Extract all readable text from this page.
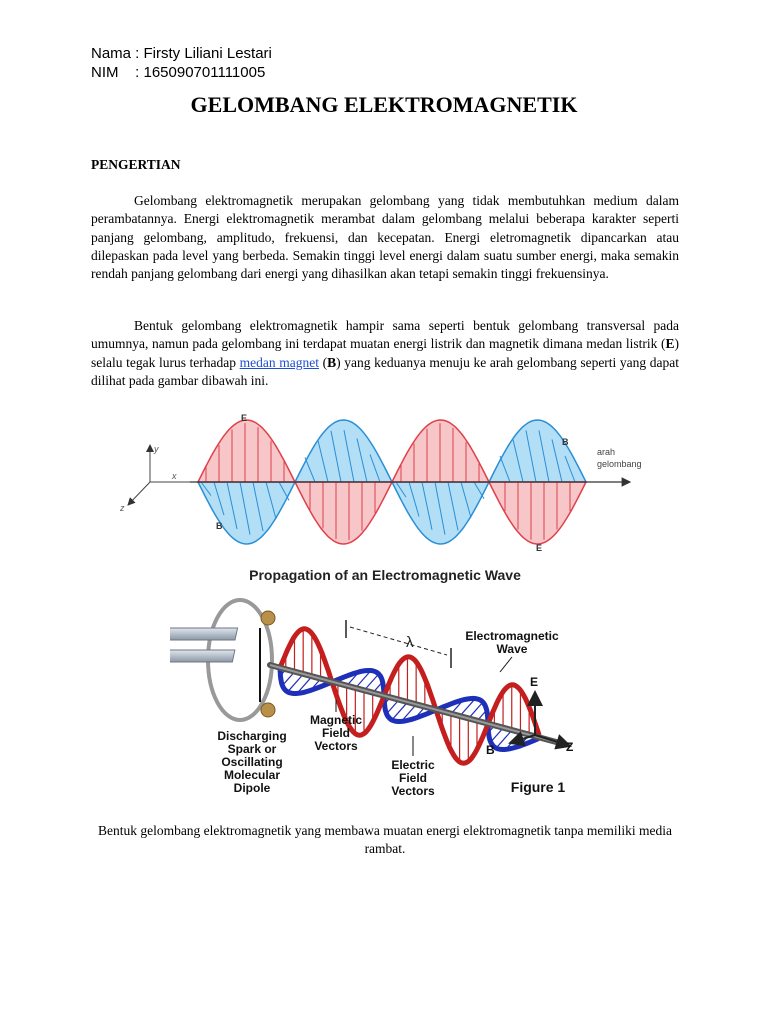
Nama : Firsty Liliani Lestari
NIM    : 165090701111005
GELOMBANG ELEKTROMAGNETIK
PENGERTIAN

Gelombang elektromagnetik merupakan gelombang yang tidak membutuhkan medium dalam perambatannya. Energi elektromagnetik merambat dalam gelombang melalui beberapa karakter seperti panjang gelombang, amplitudo, frekuensi, dan kecepatan. Energi eletromagnetik dipancarkan atau dilepaskan pada level yang berbeda. Semakin tinggi level energi dalam suatu sumber energi, maka semakin rendah panjang gelombang dari energi yang dihasilkan akan tetapi semakin tinggi frekuensinya.

Bentuk gelombang elektromagnetik hampir sama seperti bentuk gelombang transversal pada umumnya, namun pada gelombang ini terdapat muatan energi listrik dan magnetik dimana medan listrik (E) selalu tegak lurus terhadap medan magnet (B) yang keduanya menuju ke arah gelombang seperti yang dapat dilihat pada gambar dibawah ini.

y
x
z
E
E
B
B
arah
gelombang
Propagation of an Electromagnetic Wave
λ
E
B	Z
Electromagnetic
Wave
Discharging
Spark or
Oscillating
Molecular
Dipole
Magnetic
Field
Vectors
Electric
Field
Vectors	Figure 1
Bentuk gelombang elektromagnetik yang membawa muatan energi elektromagnetik tanpa memiliki media rambat.
